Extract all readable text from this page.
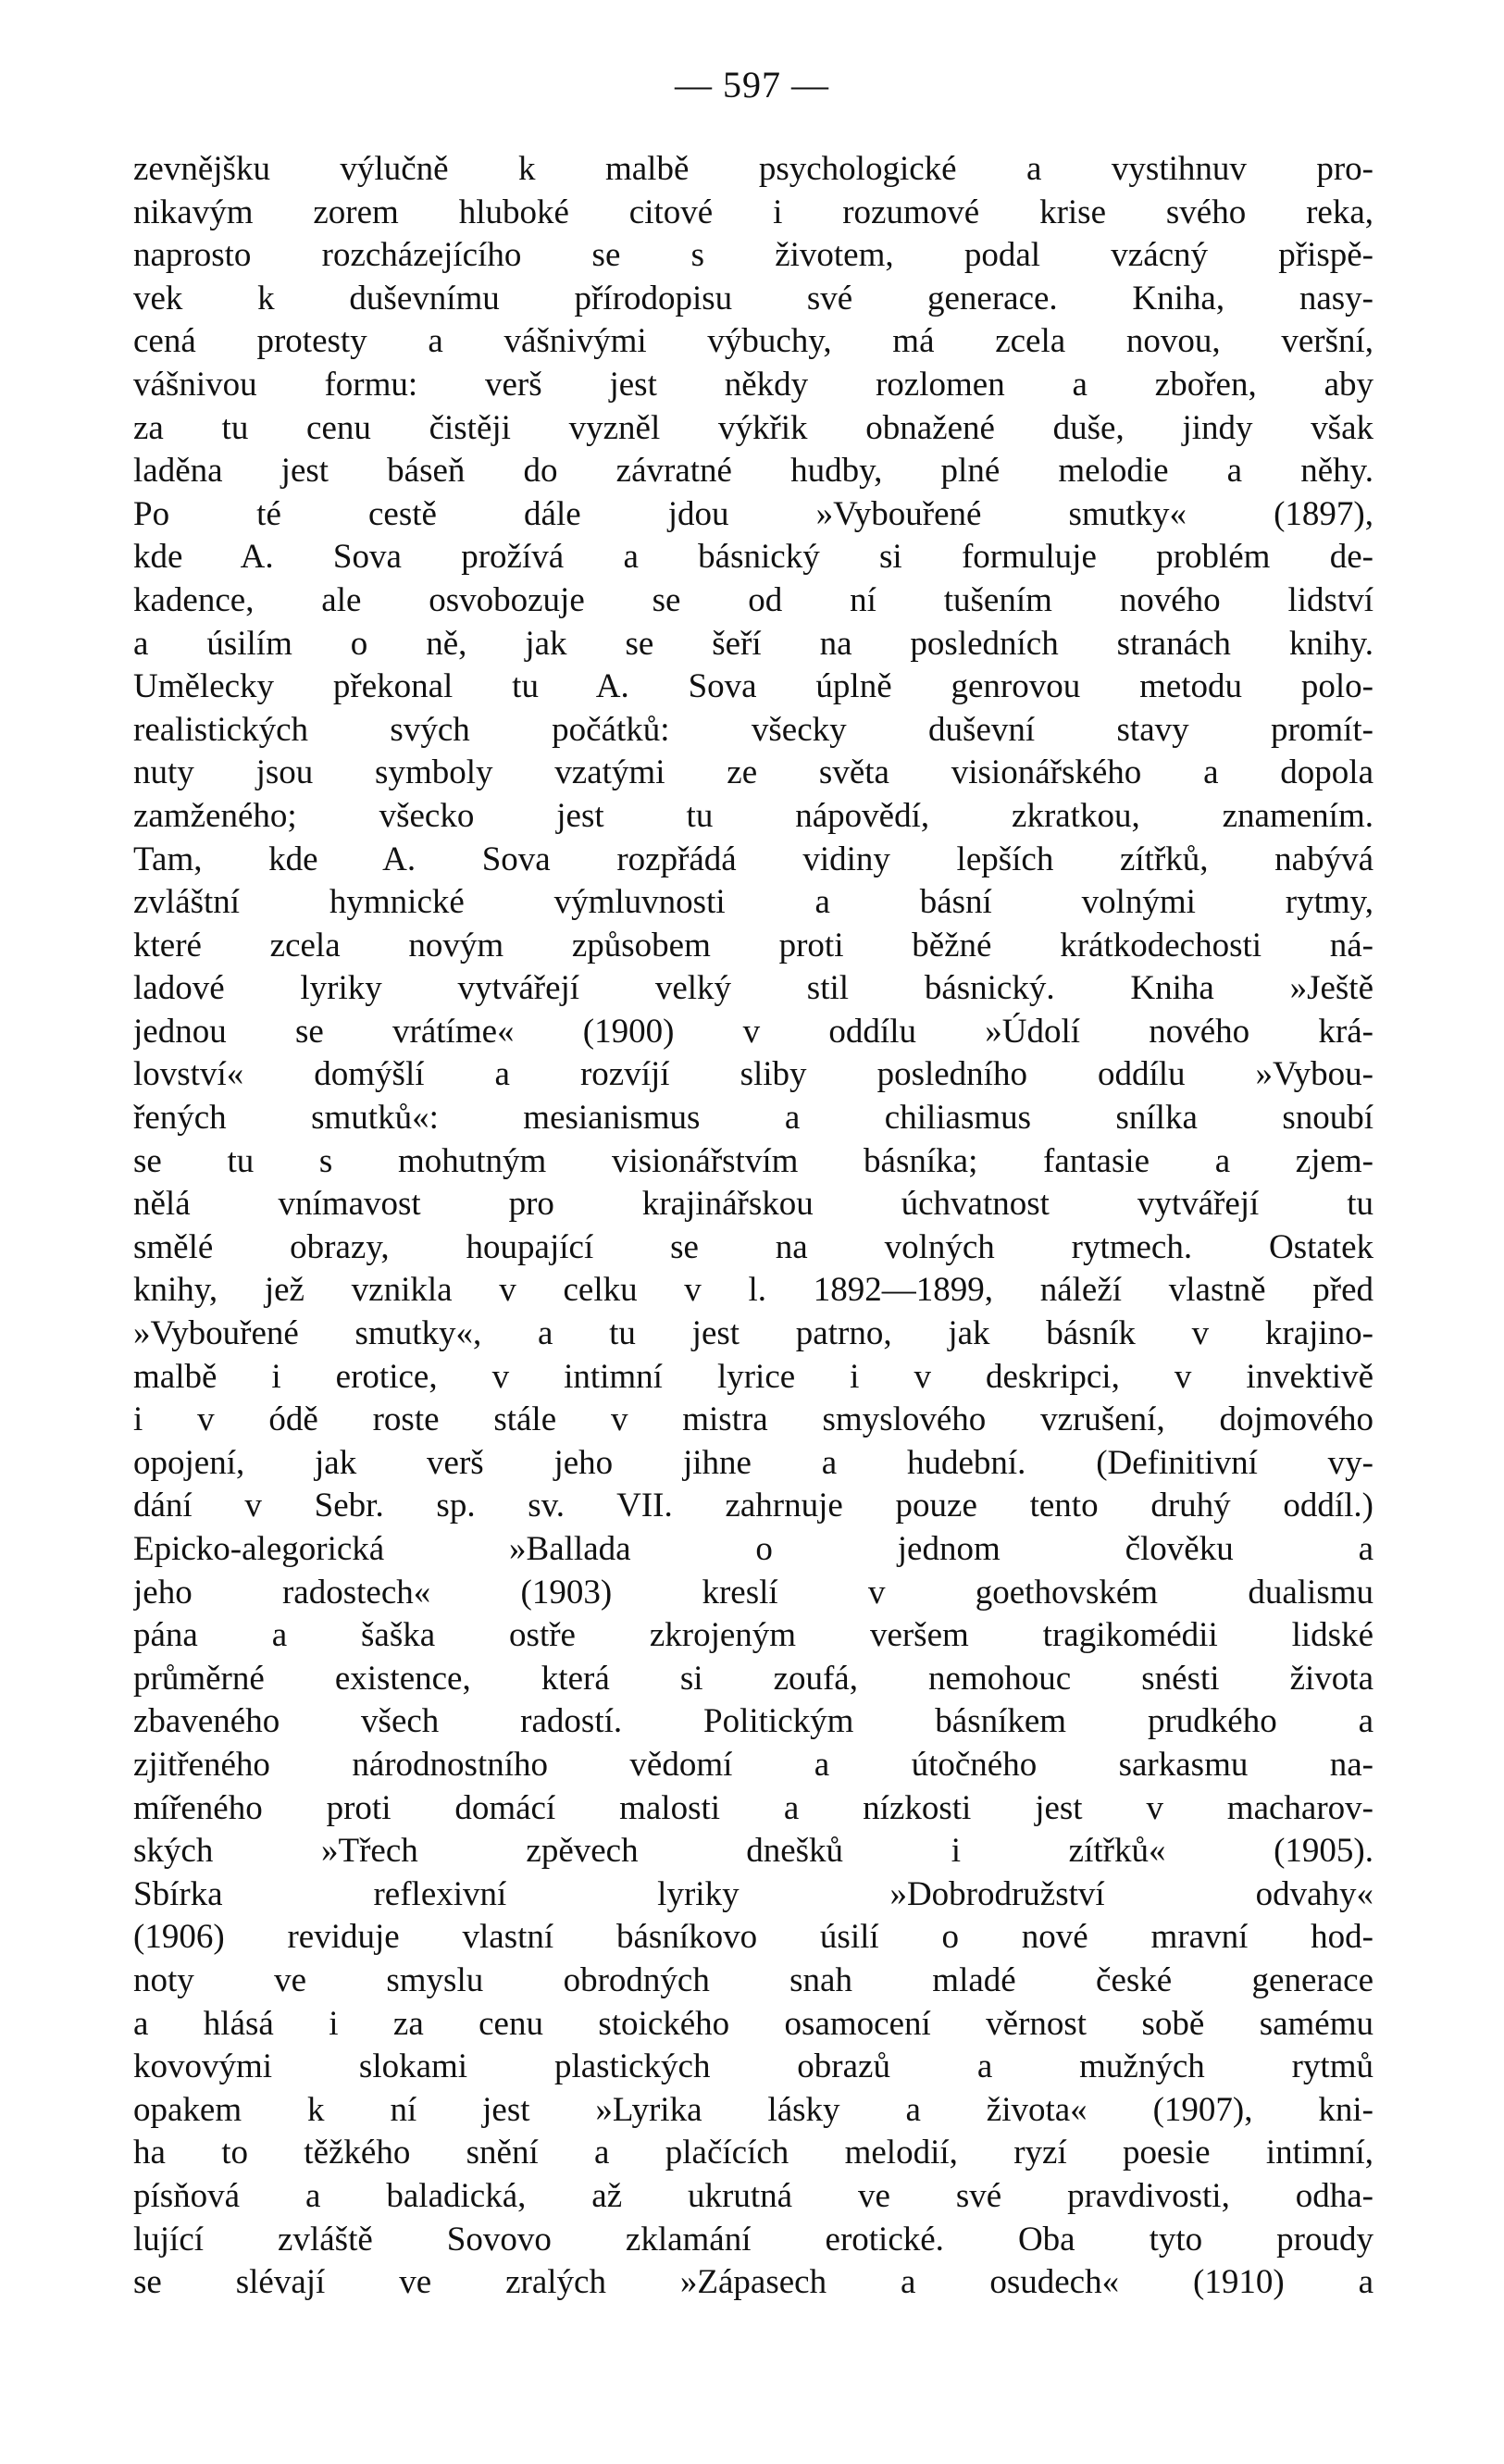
— 597 —
zevnějšku výlučně k malbě psychologické a vystihnuv pro-
nikavým zorem hluboké citové i rozumové krise svého reka,
naprosto rozcházejícího se s životem, podal vzácný přispě-
vek k duševnímu přírodopisu své generace. Kniha, nasy-
cená protesty a vášnivými výbuchy, má zcela novou, veršní,
vášnivou formu: verš jest někdy rozlomen a zbořen, aby
za tu cenu čistěji vyzněl výkřik obnažené duše, jindy však
laděna jest báseň do závratné hudby, plné melodie a něhy.
Po té cestě dále jdou »Vybouřené smutky« (1897),
kde A. Sova prožívá a básnický si formuluje problém de-
kadence, ale osvobozuje se od ní tušením nového lidství
a úsilím o ně, jak se šeří na posledních stranách knihy.
Umělecky překonal tu A. Sova úplně genrovou metodu polo-
realistických svých počátků: všecky duševní stavy promít-
nuty jsou symboly vzatými ze světa visionářského a dopola
zamženého; všecko jest tu nápovědí, zkratkou, znamením.
Tam, kde A. Sova rozpřádá vidiny lepších zítřků, nabývá
zvláštní hymnické výmluvnosti a básní volnými rytmy,
které zcela novým způsobem proti běžné krátkodechosti ná-
ladové lyriky vytvářejí velký stil básnický. Kniha »Ještě
jednou se vrátíme« (1900) v oddílu »Údolí nového krá-
lovství« domýšlí a rozvíjí sliby posledního oddílu »Vybou-
řených smutků«: mesianismus a chiliasmus snílka snoubí
se tu s mohutným visionářstvím básníka; fantasie a zjem-
nělá vnímavost pro krajinářskou úchvatnost vytvářejí tu
smělé obrazy, houpající se na volných rytmech. Ostatek
knihy, jež vznikla v celku v l. 1892—1899, náleží vlastně před
»Vybouřené smutky«, a tu jest patrno, jak básník v krajino-
malbě i erotice, v intimní lyrice i v deskripci, v invektivě
i v ódě roste stále v mistra smyslového vzrušení, dojmového
opojení, jak verš jeho jihne a hudební. (Definitivní vy-
dání v Sebr. sp. sv. VII. zahrnuje pouze tento druhý oddíl.)
Epicko-alegorická »Ballada o jednom člověku a
jeho radostech« (1903) kreslí v goethovském dualismu
pána a šaška ostře zkrojeným veršem tragikomédii lidské
průměrné existence, která si zoufá, nemohouc snésti života
zbaveného všech radostí. Politickým básníkem prudkého a
zjitřeného národnostního vědomí a útočného sarkasmu na-
mířeného proti domácí malosti a nízkosti jest v macharov-
ských »Třech zpěvech dnešků i zítřků« (1905).
Sbírka reflexivní lyriky »Dobrodružství odvahy«
(1906) reviduje vlastní básníkovo úsilí o nové mravní hod-
noty ve smyslu obrodných snah mladé české generace
a hlásá i za cenu stoického osamocení věrnost sobě samému
kovovými slokami plastických obrazů a mužných rytmů
opakem k ní jest »Lyrika lásky a života« (1907), kni-
ha to těžkého snění a plačících melodií, ryzí poesie intimní,
písňová a baladická, až ukrutná ve své pravdivosti, odha-
lující zvláště Sovovo zklamání erotické. Oba tyto proudy
se slévají ve zralých »Zápasech a osudech« (1910) a
